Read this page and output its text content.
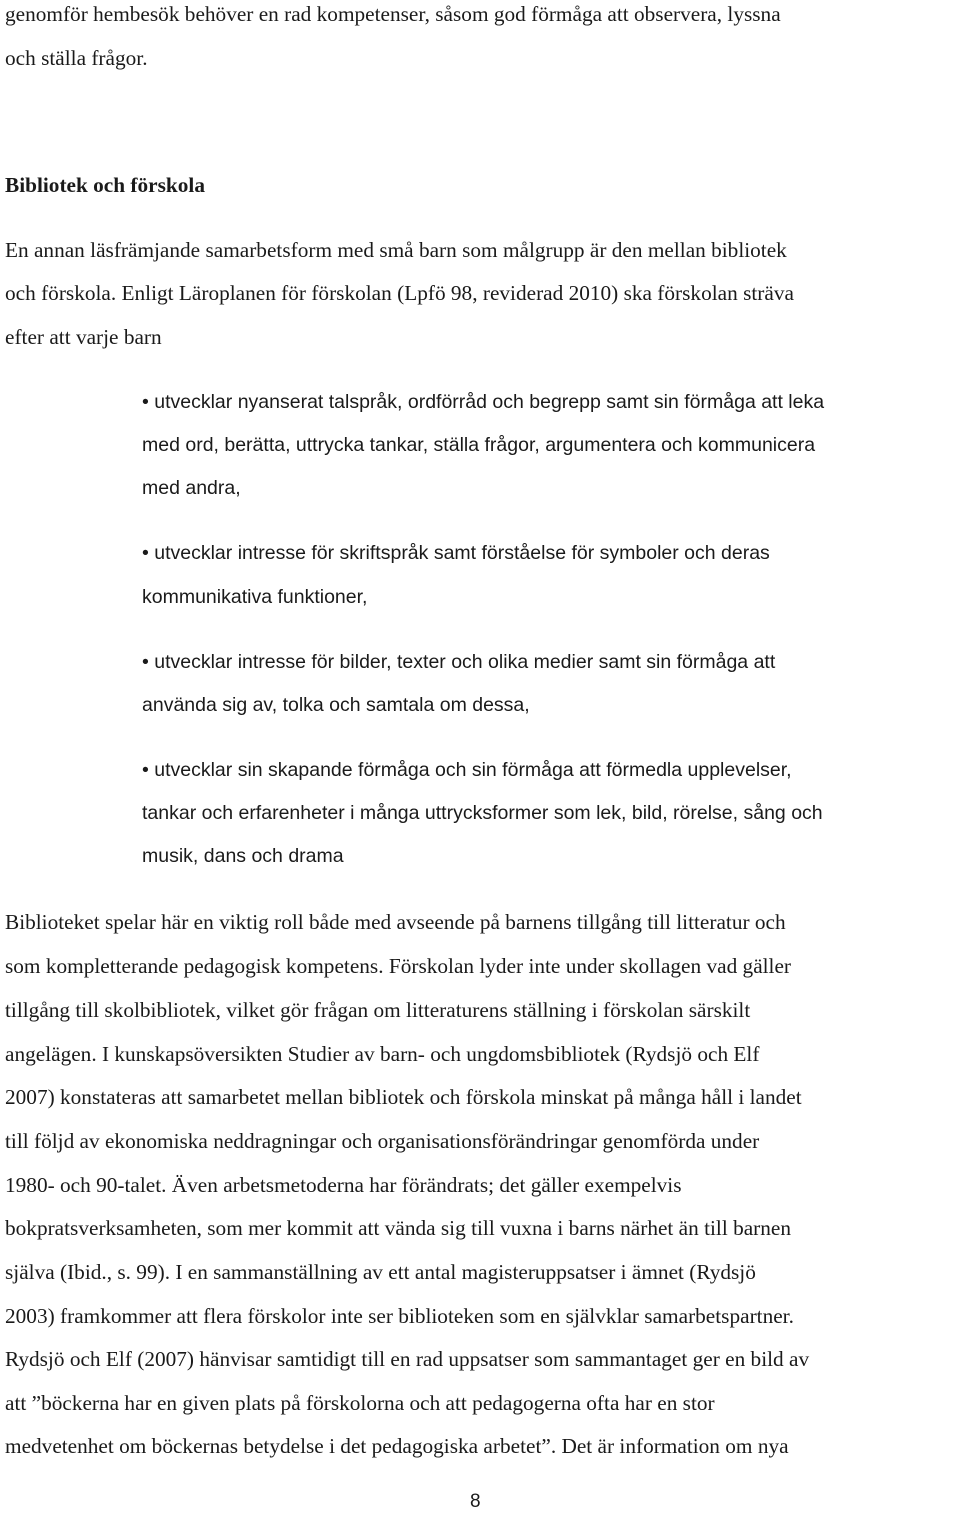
genomför hembesök behöver en rad kompetenser, såsom god förmåga att observera, lyssna
och ställa frågor.
Bibliotek och förskola
En annan läsfrämjande samarbetsform med små barn som målgrupp är den mellan bibliotek
och förskola. Enligt Läroplanen för förskolan (Lpfö 98, reviderad 2010) ska förskolan sträva
efter att varje barn
• utvecklar nyanserat talspråk, ordförråd och begrepp samt sin förmåga att leka
med ord, berätta, uttrycka tankar, ställa frågor, argumentera och kommunicera
med andra,
• utvecklar intresse för skriftspråk samt förståelse för symboler och deras
kommunikativa funktioner,
• utvecklar intresse för bilder, texter och olika medier samt sin förmåga att
använda sig av, tolka och samtala om dessa,
• utvecklar sin skapande förmåga och sin förmåga att förmedla upplevelser,
tankar och erfarenheter i många uttrycksformer som lek, bild, rörelse, sång och
musik, dans och drama
Biblioteket spelar här en viktig roll både med avseende på barnens tillgång till litteratur och
som kompletterande pedagogisk kompetens. Förskolan lyder inte under skollagen vad gäller
tillgång till skolbibliotek, vilket gör frågan om litteraturens ställning i förskolan särskilt
angelägen. I kunskapsöversikten Studier av barn- och ungdomsbibliotek (Rydsjö och Elf
2007) konstateras att samarbetet mellan bibliotek och förskola minskat på många håll i landet
till följd av ekonomiska neddragningar och organisationsförändringar genomförda under
1980- och 90-talet. Även arbetsmetoderna har förändrats; det gäller exempelvis
bokpratsverksamheten, som mer kommit att vända sig till vuxna i barns närhet än till barnen
själva (Ibid., s. 99). I en sammanställning av ett antal magisteruppsatser i ämnet (Rydsjö
2003) framkommer att flera förskolor inte ser biblioteken som en självklar samarbetspartner.
Rydsjö och Elf (2007) hänvisar samtidigt till en rad uppsatser som sammantaget ger en bild av
att ”böckerna har en given plats på förskolorna och att pedagogerna ofta har en stor
medvetenhet om böckernas betydelse i det pedagogiska arbetet”. Det är information om nya
8
